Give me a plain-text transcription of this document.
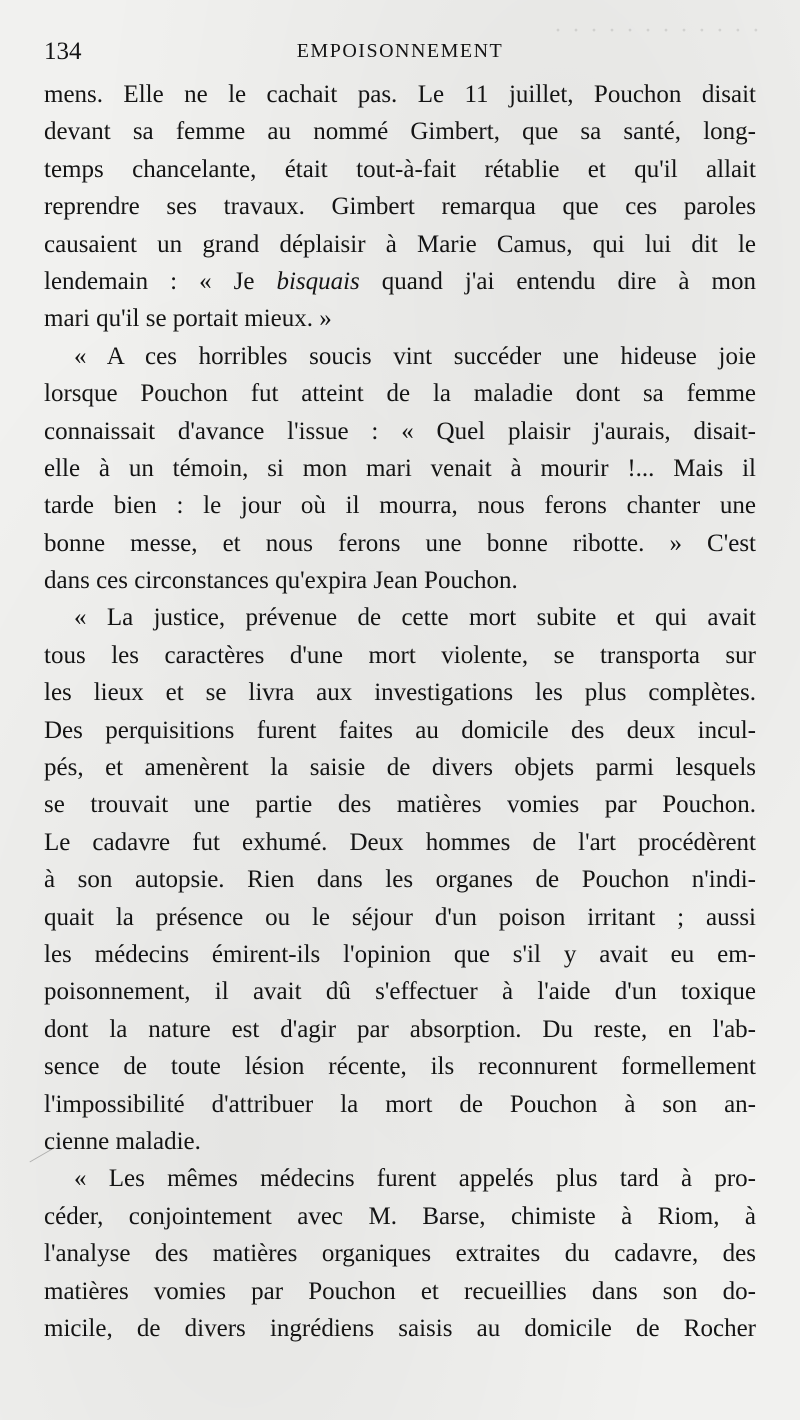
· · · · · · · · · · · ·
134	EMPOISONNEMENT
mens. Elle ne le cachait pas. Le 11 juillet, Pouchon disait
devant sa femme au nommé Gimbert, que sa santé, long-
temps chancelante, était tout-à-fait rétablie et qu'il allait
reprendre ses travaux. Gimbert remarqua que ces paroles
causaient un grand déplaisir à Marie Camus, qui lui dit le
lendemain : « Je bisquais quand j'ai entendu dire à mon
mari qu'il se portait mieux. »
« A ces horribles soucis vint succéder une hideuse joie
lorsque Pouchon fut atteint de la maladie dont sa femme
connaissait d'avance l'issue : « Quel plaisir j'aurais, disait-
elle à un témoin, si mon mari venait à mourir !... Mais il
tarde bien : le jour où il mourra, nous ferons chanter une
bonne messe, et nous ferons une bonne ribotte. » C'est
dans ces circonstances qu'expira Jean Pouchon.
« La justice, prévenue de cette mort subite et qui avait
tous les caractères d'une mort violente, se transporta sur
les lieux et se livra aux investigations les plus complètes.
Des perquisitions furent faites au domicile des deux incul-
pés, et amenèrent la saisie de divers objets parmi lesquels
se trouvait une partie des matières vomies par Pouchon.
Le cadavre fut exhumé. Deux hommes de l'art procédèrent
à son autopsie. Rien dans les organes de Pouchon n'indi-
quait la présence ou le séjour d'un poison irritant ; aussi
les médecins émirent-ils l'opinion que s'il y avait eu em-
poisonnement, il avait dû s'effectuer à l'aide d'un toxique
dont la nature est d'agir par absorption. Du reste, en l'ab-
sence de toute lésion récente, ils reconnurent formellement
l'impossibilité d'attribuer la mort de Pouchon à son an-
cienne maladie.
« Les mêmes médecins furent appelés plus tard à pro-
céder, conjointement avec M. Barse, chimiste à Riom, à
l'analyse des matières organiques extraites du cadavre, des
matières vomies par Pouchon et recueillies dans son do-
micile, de divers ingrédiens saisis au domicile de Rocher
